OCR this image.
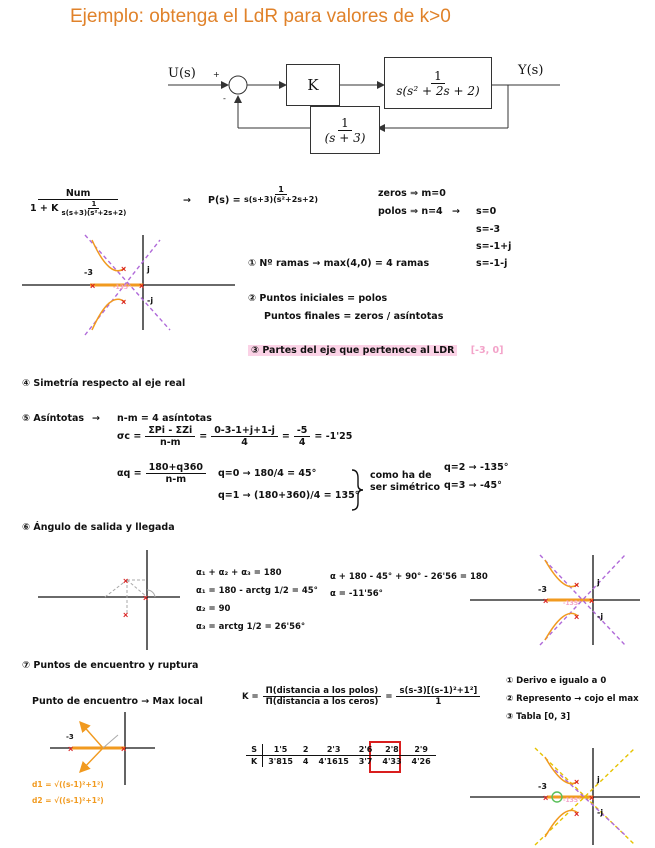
Ejemplo: obtenga el LdR para valores de k>0
×	×
×
×
×
×
×	×	×
×
×
×	×
×	×
×
×
U(s) +
-
K	$\frac{1}{\text{s(s² + 2s + 2)}}$	Y(s)
$\frac{1}{(s + 3)}$
$\frac{\text{Num}}{1 + K \frac{1}{\text{s(s+3)(s²+2s+2)}}}$	→ $P(s) = \frac{1}{\text{s(s+3)(s²+2s+2)}}$	zeros ⇒ m=0
polos ⇒ n=4 → s=0
s=-3
s=-1+j
s=-1-j
-3	j
-j
-135°
① Nº ramas → max(4,0) = 4 ramas
② Puntos iniciales = polos
Puntos finales = zeros / asíntotas
③ Partes del eje que pertenece al LDR [-3, 0]
④ Simetría respecto al eje real
⑤ Asíntotas → n-m = 4 asíntotas
$\sigma c = \frac{\text{ΣPi - ΣZi}}{n-m} = \frac{0-3-1+j+1-j}{4} = \frac{-5}{4} = -1'25$
$\alpha q = \frac{180+q360}{n-m} q=0 \to 180/4 = 45^\circ$
q=1 → (180+360)/4 = 135°
como ha de
ser simétrico
q=2 → -135°
q=3 → -45°
⑥ Ángulo de salida y llegada
α₁ + α₂ + α₃ = 180
α₁ = 180 - arctg 1/2 = 45°
α₂ = 90
α₃ = arctg 1/2 = 26'56°
α + 180 - 45° + 90° - 26'56 = 180
α = -11'56°	-3
j
-j
-135°
⑦ Puntos de encuentro y ruptura
Punto de encuentro → Max local	$K = \frac{\text{Π(distancia a los polos)}}{\text{Π(distancia a los ceros)}} = \frac{\text{s(s-3)[(s-1)²+1²]}}{1}$
① Derivo e igualo a 0
② Represento → cojo el max
③ Tabla [0, 3]
-3
d1 = √((s-1)²+1²)
d2 = √((s-1)²+1²)
S	1'5	2	2'3	2'6	2'8	2'9
K	3'815	4	4'1615	3'7	4'33	4'26
-3
j
-j
-135°
